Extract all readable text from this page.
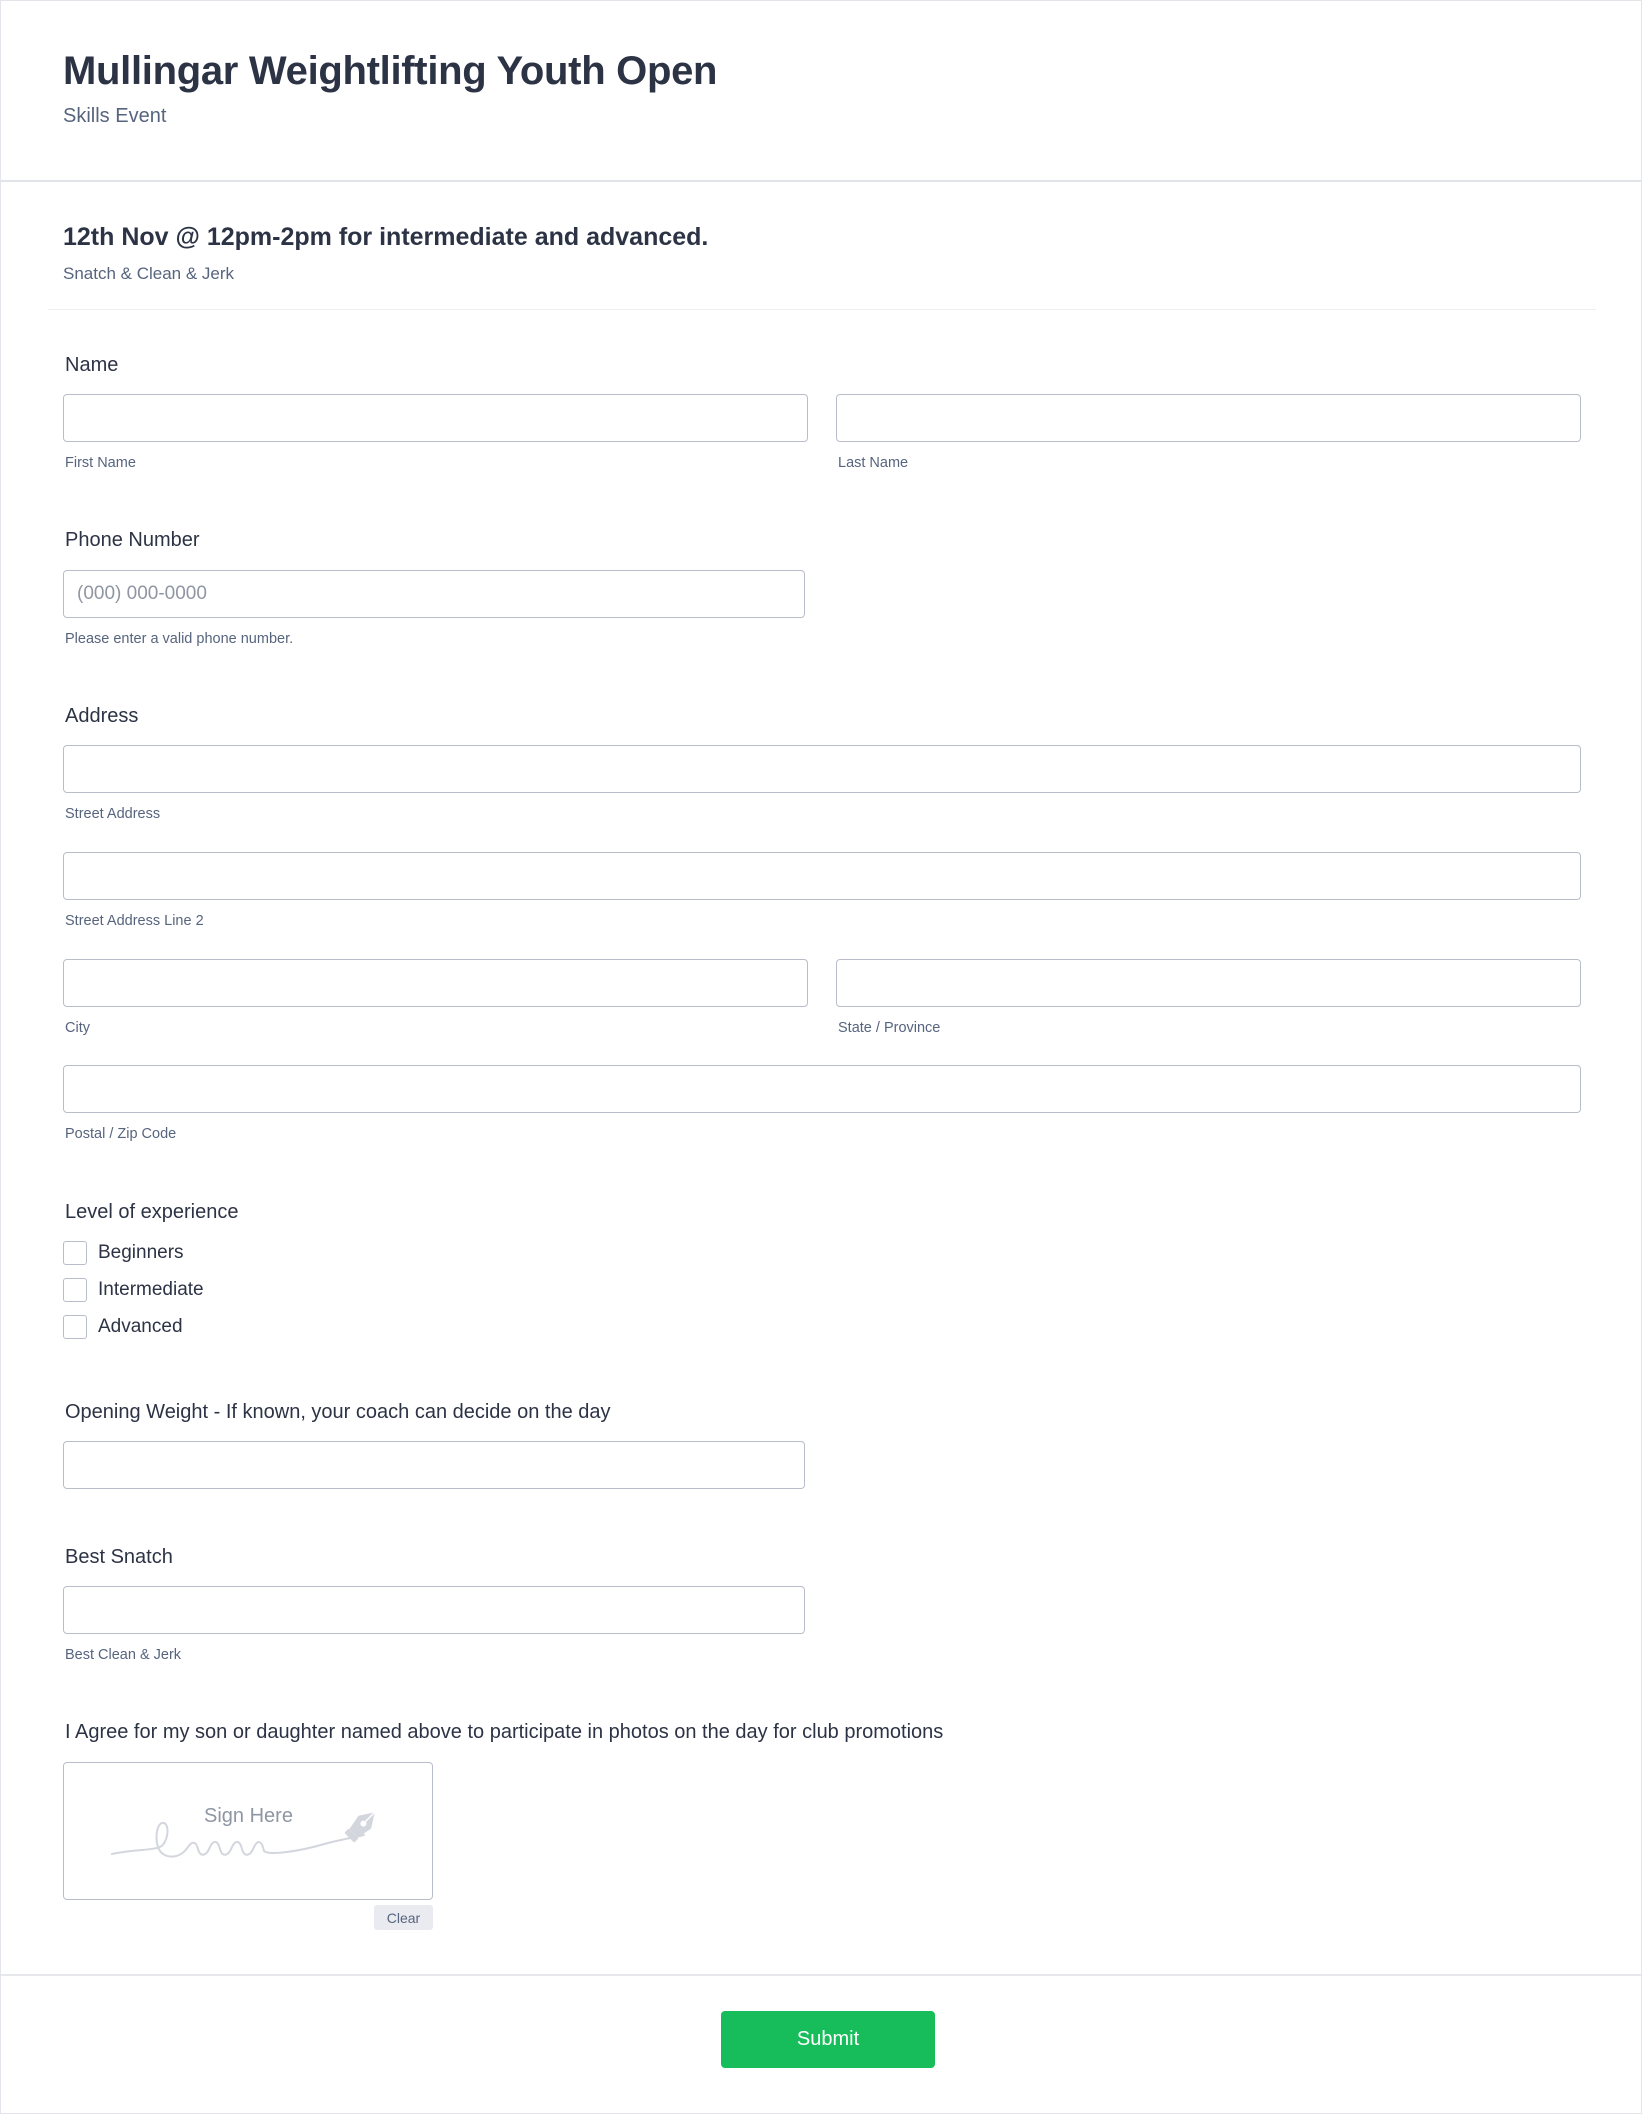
Mullingar Weightlifting Youth Open
Skills Event
12th Nov @ 12pm-2pm for intermediate and advanced.
Snatch & Clean & Jerk
Name
First Name	Last Name
Phone Number
(000) 000-0000
Please enter a valid phone number.
Address
Street Address
Street Address Line 2
City	State / Province
Postal / Zip Code
Level of experience
Beginners
Intermediate
Advanced
Opening Weight - If known, your coach can decide on the day
Best Snatch
Best Clean & Jerk
I Agree for my son or daughter named above to participate in photos on the day for club promotions
Sign Here
Clear
Submit
